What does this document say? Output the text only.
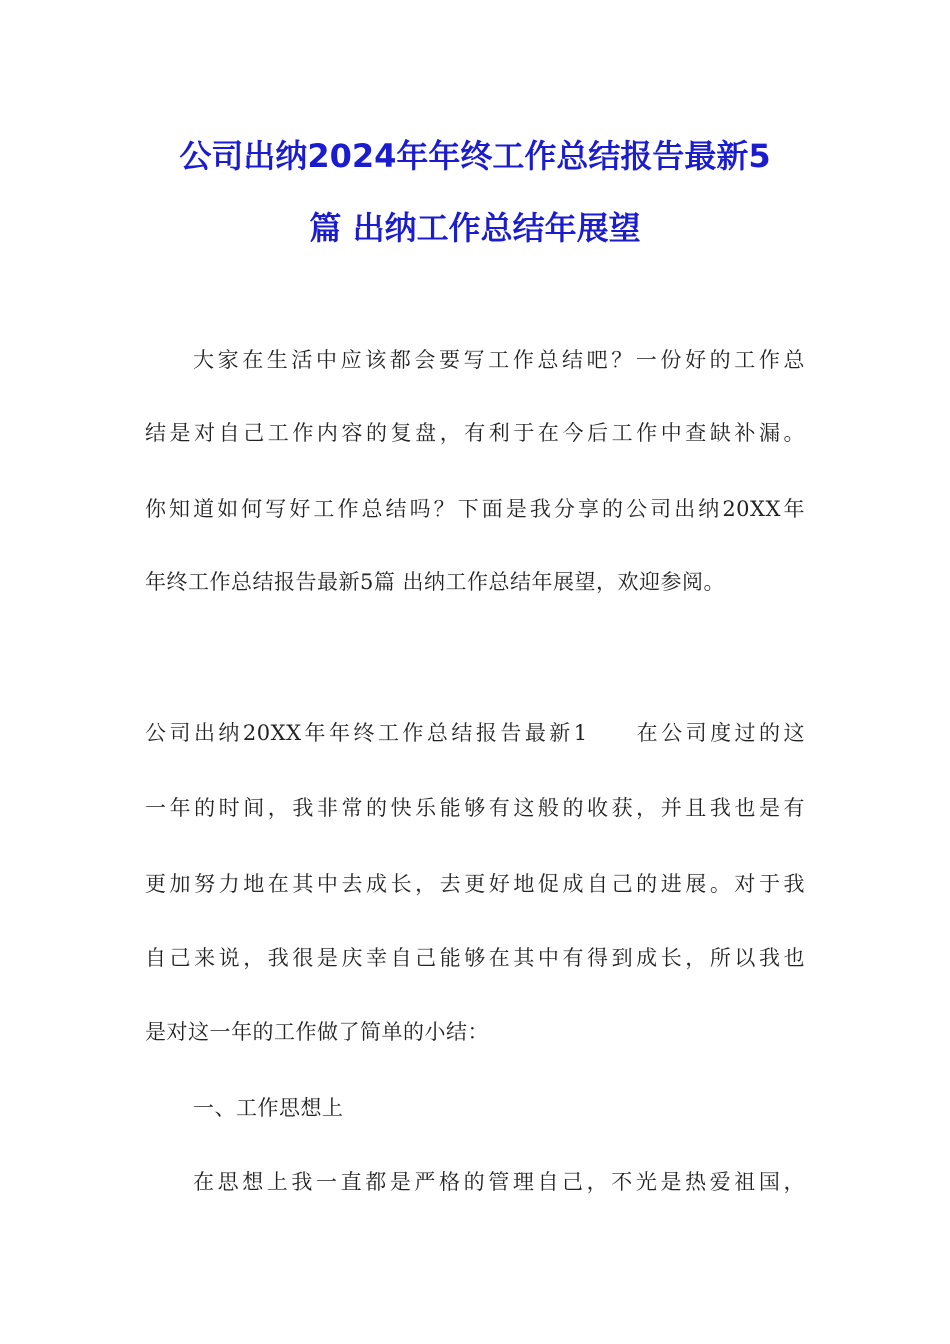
公司出纳2024年年终工作总结报告最新5
篇 出纳工作总结年展望
大家在生活中应该都会要写工作总结吧？一份好的工作总
结是对自己工作内容的复盘，有利于在今后工作中查缺补漏。
你知道如何写好工作总结吗？下面是我分享的公司出纳20XX年
年终工作总结报告最新5篇 出纳工作总结年展望，欢迎参阅。
公司出纳20XX年年终工作总结报告最新1 在公司度过的这
一年的时间，我非常的快乐能够有这般的收获，并且我也是有
更加努力地在其中去成长，去更好地促成自己的进展。对于我
自己来说，我很是庆幸自己能够在其中有得到成长，所以我也
是对这一年的工作做了简单的小结：
一、工作思想上
在思想上我一直都是严格的管理自己，不光是热爱祖国，
